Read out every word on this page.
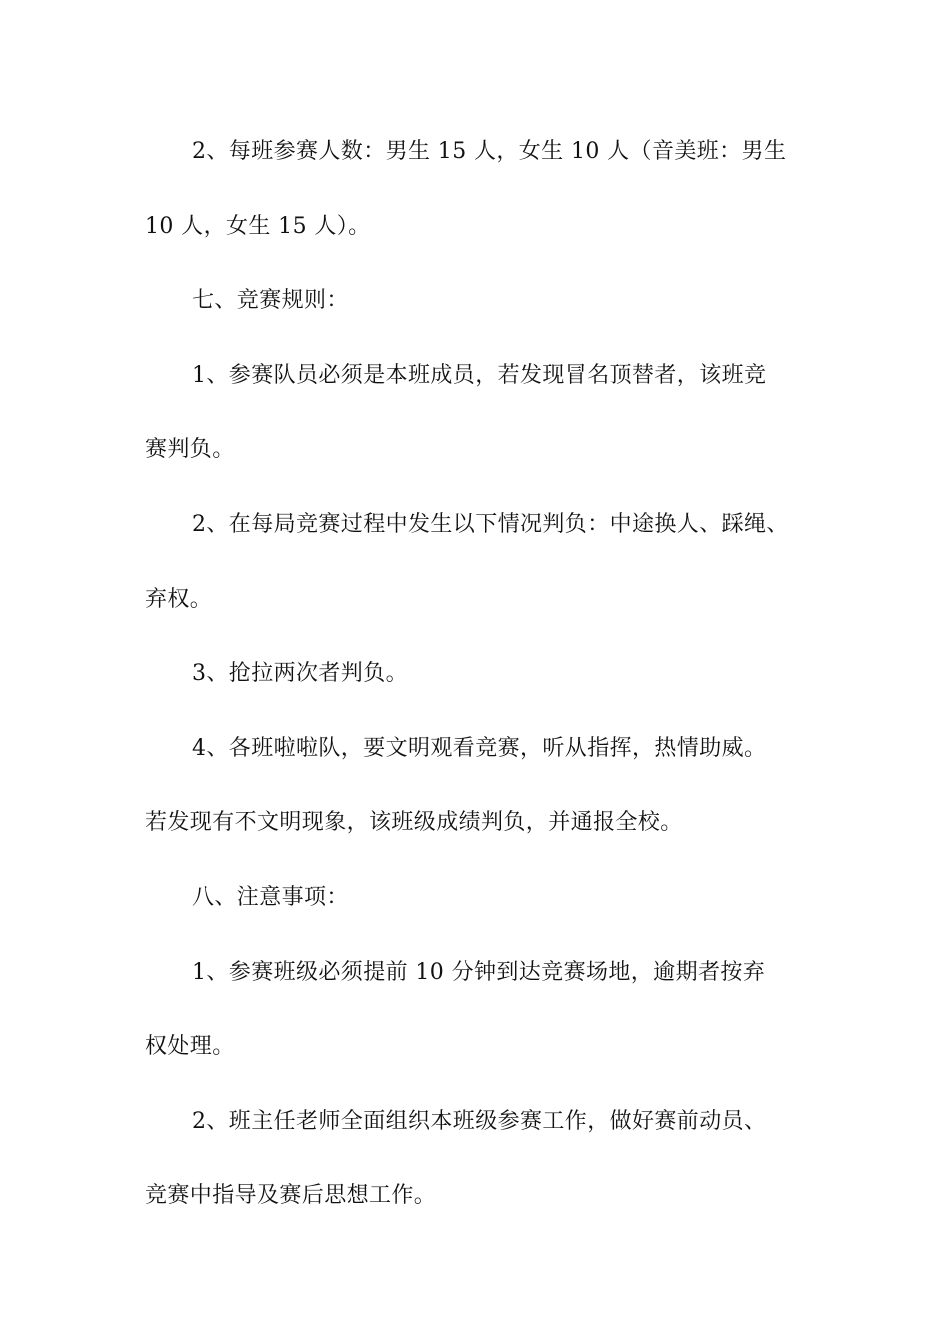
2、每班参赛人数：男生 15 人，女生 10 人（音美班：男生
10 人，女生 15 人）。
七、竞赛规则：
1、参赛队员必须是本班成员，若发现冒名顶替者，该班竞
赛判负。
2、在每局竞赛过程中发生以下情况判负：中途换人、踩绳、
弃权。
3、抢拉两次者判负。
4、各班啦啦队，要文明观看竞赛，听从指挥，热情助威。
若发现有不文明现象，该班级成绩判负，并通报全校。
八、注意事项：
1、参赛班级必须提前 10 分钟到达竞赛场地，逾期者按弃
权处理。
2、班主任老师全面组织本班级参赛工作，做好赛前动员、
竞赛中指导及赛后思想工作。
